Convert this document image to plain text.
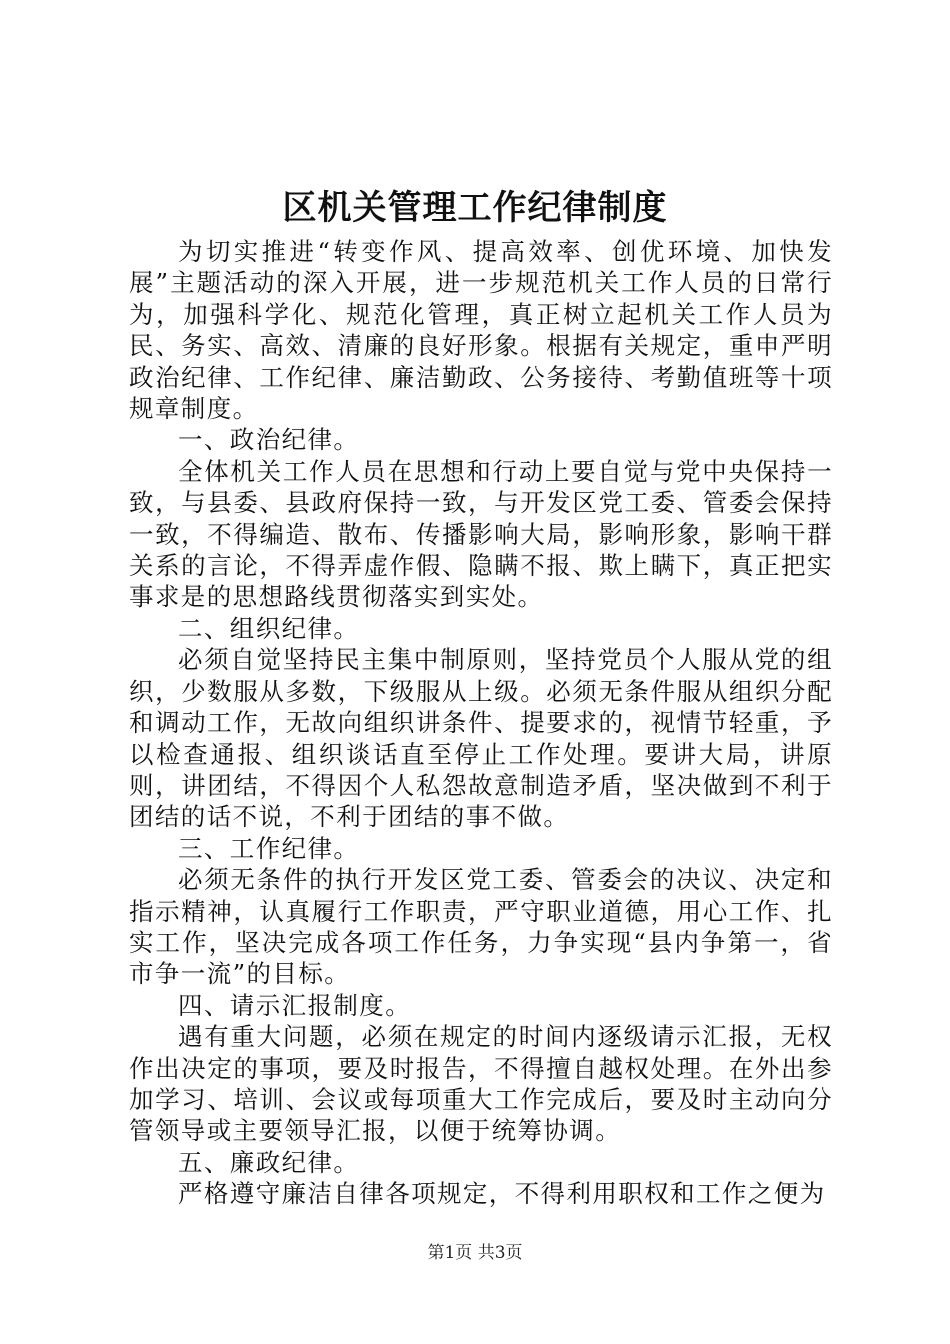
区机关管理工作纪律制度

为切实推进“转变作风、提高效率、创优环境、加快发展”主题活动的深入开展，进一步规范机关工作人员的日常行为，加强科学化、规范化管理，真正树立起机关工作人员为民、务实、高效、清廉的良好形象。根据有关规定，重申严明政治纪律、工作纪律、廉洁勤政、公务接待、考勤值班等十项规章制度。

一、政治纪律。

全体机关工作人员在思想和行动上要自觉与党中央保持一致，与县委、县政府保持一致，与开发区党工委、管委会保持一致，不得编造、散布、传播影响大局，影响形象，影响干群关系的言论，不得弄虚作假、隐瞒不报、欺上瞒下，真正把实事求是的思想路线贯彻落实到实处。

二、组织纪律。

必须自觉坚持民主集中制原则，坚持党员个人服从党的组织，少数服从多数，下级服从上级。必须无条件服从组织分配和调动工作，无故向组织讲条件、提要求的，视情节轻重，予以检查通报、组织谈话直至停止工作处理。要讲大局，讲原则，讲团结，不得因个人私怨故意制造矛盾，坚决做到不利于团结的话不说，不利于团结的事不做。

三、工作纪律。

必须无条件的执行开发区党工委、管委会的决议、决定和指示精神，认真履行工作职责，严守职业道德，用心工作、扎实工作，坚决完成各项工作任务，力争实现“县内争第一，省市争一流”的目标。

四、请示汇报制度。

遇有重大问题，必须在规定的时间内逐级请示汇报，无权作出决定的事项，要及时报告，不得擅自越权处理。在外出参加学习、培训、会议或每项重大工作完成后，要及时主动向分管领导或主要领导汇报，以便于统筹协调。

五、廉政纪律。

严格遵守廉洁自律各项规定，不得利用职权和工作之便为

第1页 共3页
